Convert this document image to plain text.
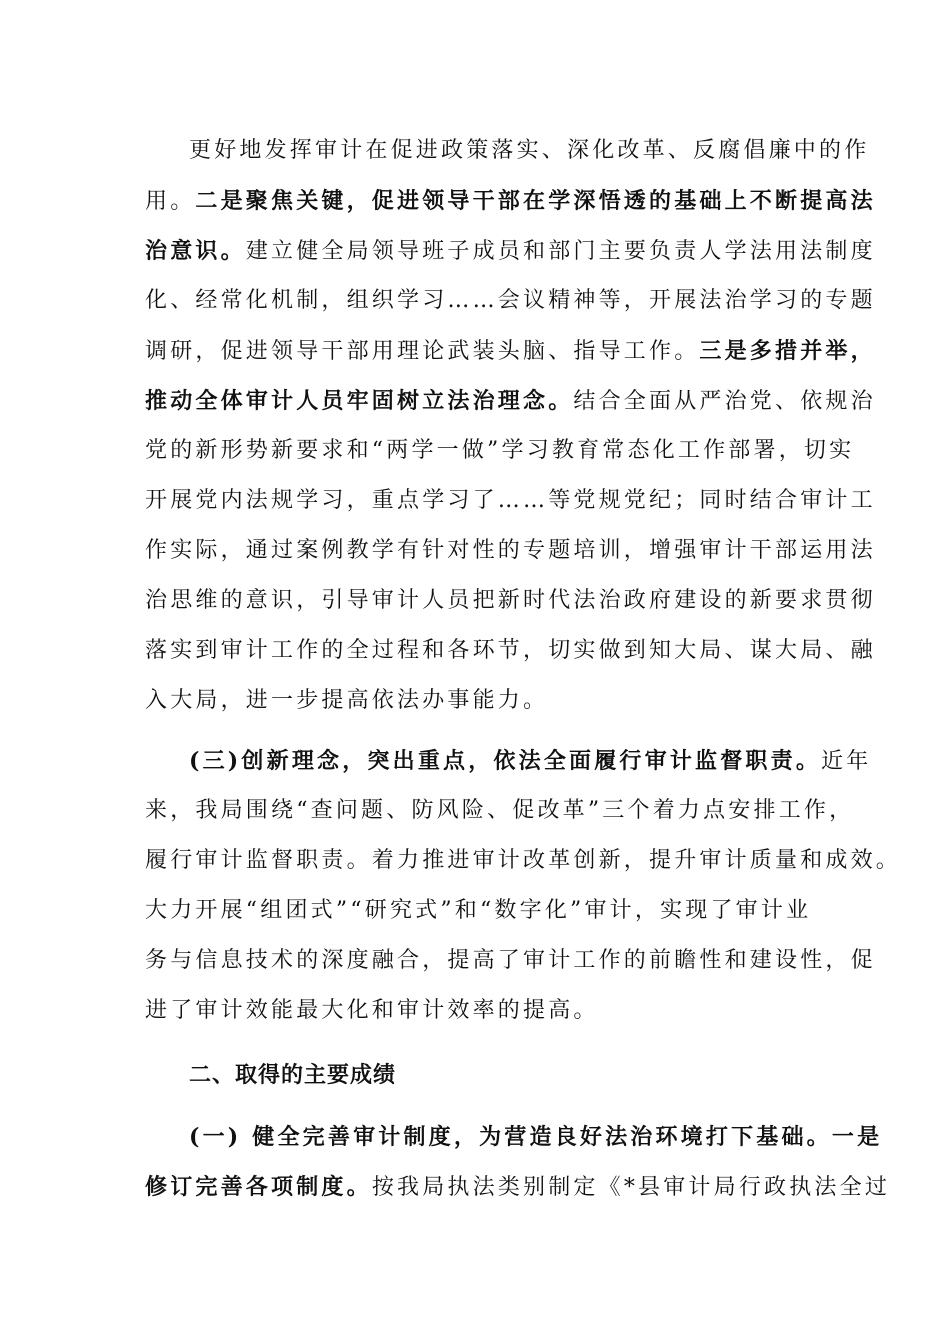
更好地发挥审计在促进政策落实、深化改革、反腐倡廉中的作
用。二是聚焦关键，促进领导干部在学深悟透的基础上不断提高法
治意识。建立健全局领导班子成员和部门主要负责人学法用法制度
化、经常化机制，组织学习……会议精神等，开展法治学习的专题
调研，促进领导干部用理论武装头脑、指导工作。三是多措并举，
推动全体审计人员牢固树立法治理念。结合全面从严治党、依规治
党的新形势新要求和“两学一做”学习教育常态化工作部署，切实
开展党内法规学习，重点学习了……等党规党纪；同时结合审计工
作实际，通过案例教学有针对性的专题培训，增强审计干部运用法
治思维的意识，引导审计人员把新时代法治政府建设的新要求贯彻
落实到审计工作的全过程和各环节，切实做到知大局、谋大局、融
入大局，进一步提高依法办事能力。
(三)创新理念，突出重点，依法全面履行审计监督职责。近年
来，我局围绕“查问题、防风险、促改革”三个着力点安排工作，
履行审计监督职责。着力推进审计改革创新，提升审计质量和成效。
大力开展“组团式”“研究式”和“数字化”审计，实现了审计业
务与信息技术的深度融合，提高了审计工作的前瞻性和建设性，促
进了审计效能最大化和审计效率的提高。
二、取得的主要成绩
(一) 健全完善审计制度，为营造良好法治环境打下基础。一是
修订完善各项制度。按我局执法类别制定《*县审计局行政执法全过
